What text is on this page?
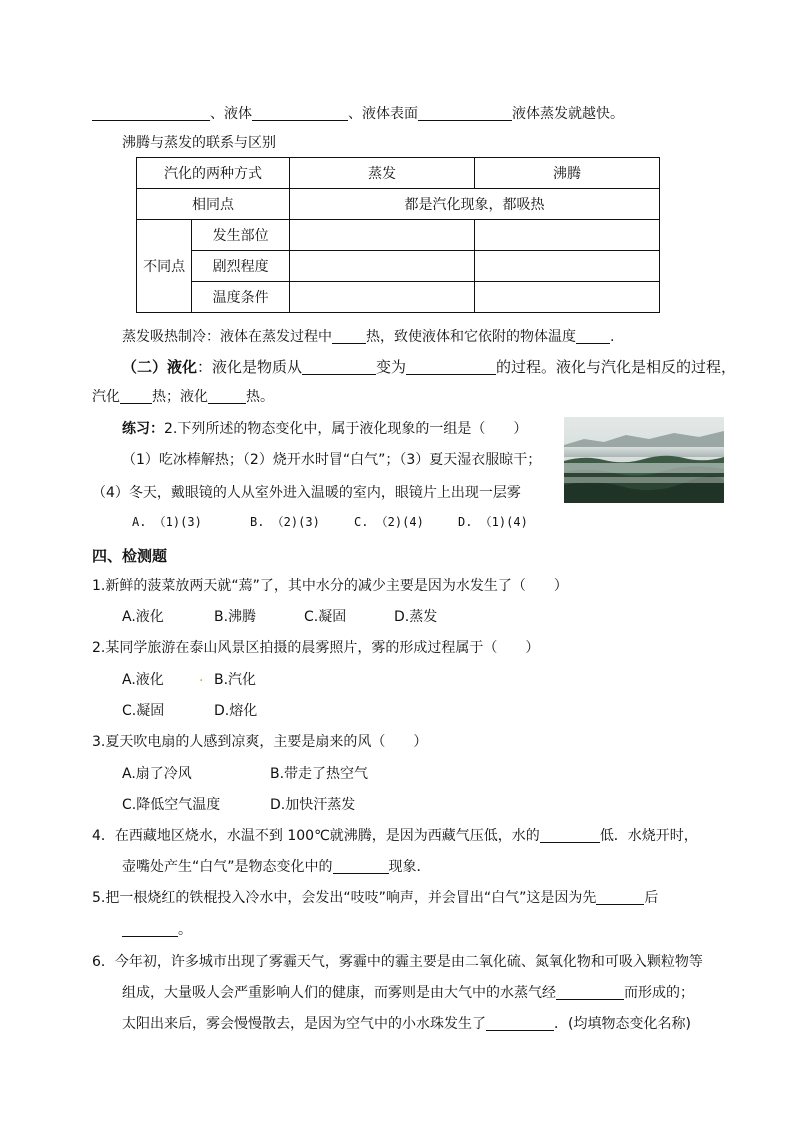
、液体	、液体表面	液体蒸发就越快。
沸腾与蒸发的联系与区别
汽化的两种方式		蒸发	沸腾
相同点		都是汽化现象，都吸热	
不同点	发生部位		
	剧烈程度		
	温度条件		
蒸发吸热制冷：液体在蒸发过程中 热，致使液体和它依附的物体温度 .
（二）液化：液化是物质从	变为	的过程。液化与汽化是相反的过程，
汽化 热；液化	热。
练习：2.下列所述的物态变化中，属于液化现象的一组是（　　）
（1）吃冰棒解热；（2）烧开水时冒“白气”；（3）夏天湿衣服晾干；
（4）冬天，戴眼镜的人从室外进入温暖的室内，眼镜片上出现一层雾
A. （1)(3)	B. （2)(3)	C. （2)(4)	D. （1)(4)
四、检测题
1.新鲜的菠菜放两天就“蔫”了，其中水分的减少主要是因为水发生了（　　）
A.液化	B.沸腾	C.凝固	D.蒸发
2.某同学旅游在泰山风景区拍摄的晨雾照片，雾的形成过程属于（　　）
A.液化	. B.汽化
C.凝固	D.熔化
3.夏天吹电扇的人感到凉爽，主要是扇来的风（　　）
A.扇了冷风	B.带走了热空气
C.降低空气温度	D.加快汗蒸发
4．在西藏地区烧水，水温不到 100℃就沸腾，是因为西藏气压低，水的	低．水烧开时，
壶嘴处产生“白气”是物态变化中的	现象．
5.把一根烧红的铁棍投入冷水中，会发出“吱吱”响声，并会冒出“白气”这是因为先	后
。
6．今年初，许多城市出现了雾霾天气，雾霾中的霾主要是由二氧化硫、氮氧化物和可吸入颗粒物等
组成，大量吸人会严重影响人们的健康，而雾则是由大气中的水蒸气经	而形成的；
太阳出来后，雾会慢慢散去，是因为空气中的小水珠发生了	．(均填物态变化名称)
